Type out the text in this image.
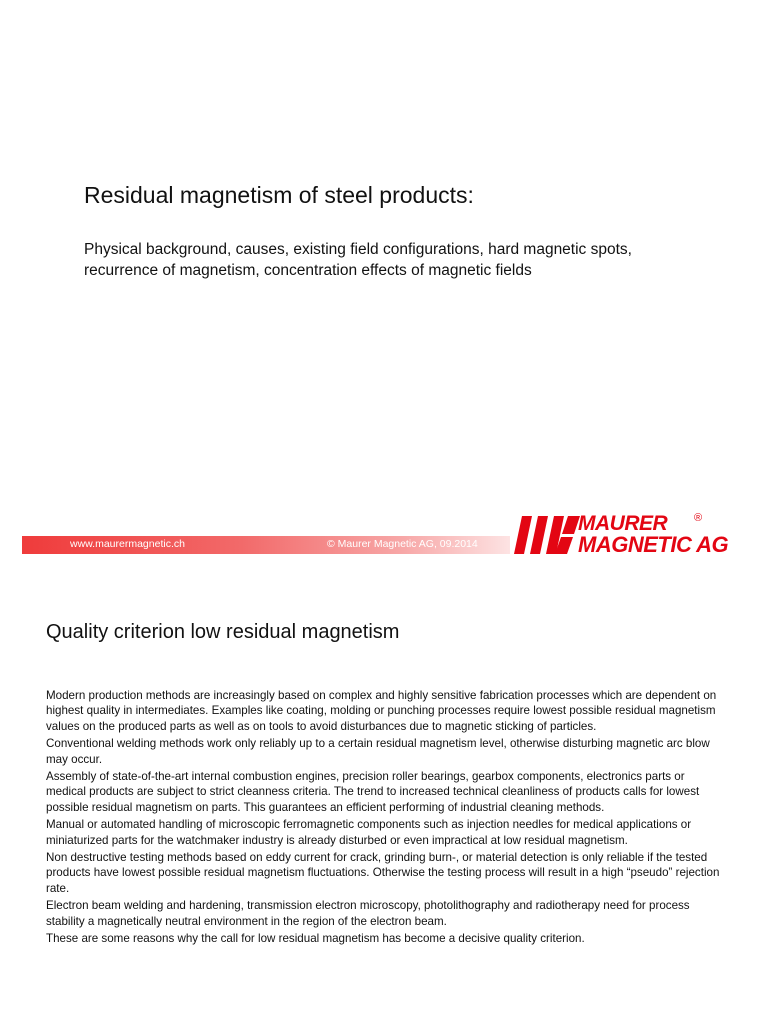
Residual magnetism of steel products:
Physical background, causes, existing field configurations, hard magnetic spots, recurrence of magnetism, concentration effects of magnetic fields
www.maurermagnetic.ch	© Maurer Magnetic AG, 09.2014
MAURER ®
MAGNETIC AG
Quality criterion low residual magnetism

Modern production methods are increasingly based on complex and highly sensitive fabrication processes which are dependent on highest quality in intermediates. Examples like coating, molding or punching processes require lowest possible residual magnetism values on the produced parts as well as on tools to avoid disturbances due to magnetic sticking of particles.

Conventional welding methods work only reliably up to a certain residual magnetism level, otherwise disturbing magnetic arc blow may occur.

Assembly of state-of-the-art internal combustion engines, precision roller bearings, gearbox components, electronics parts or medical products are subject to strict cleanness criteria. The trend to increased technical cleanliness of products calls for lowest possible residual magnetism on parts. This guarantees an efficient performing of industrial cleaning methods.

Manual or automated handling of microscopic ferromagnetic components such as injection needles for medical applications or miniaturized parts for the watchmaker industry is already disturbed or even impractical at low residual magnetism.

Non destructive testing methods based on eddy current for crack, grinding burn-, or material detection is only reliable if the tested products have lowest possible residual magnetism fluctuations. Otherwise the testing process will result in a high “pseudo” rejection rate.

Electron beam welding and hardening, transmission electron microscopy, photolithography and radiotherapy need for process stability a magnetically neutral environment in the region of the electron beam.

These are some reasons why the call for low residual magnetism has become a decisive quality criterion.
